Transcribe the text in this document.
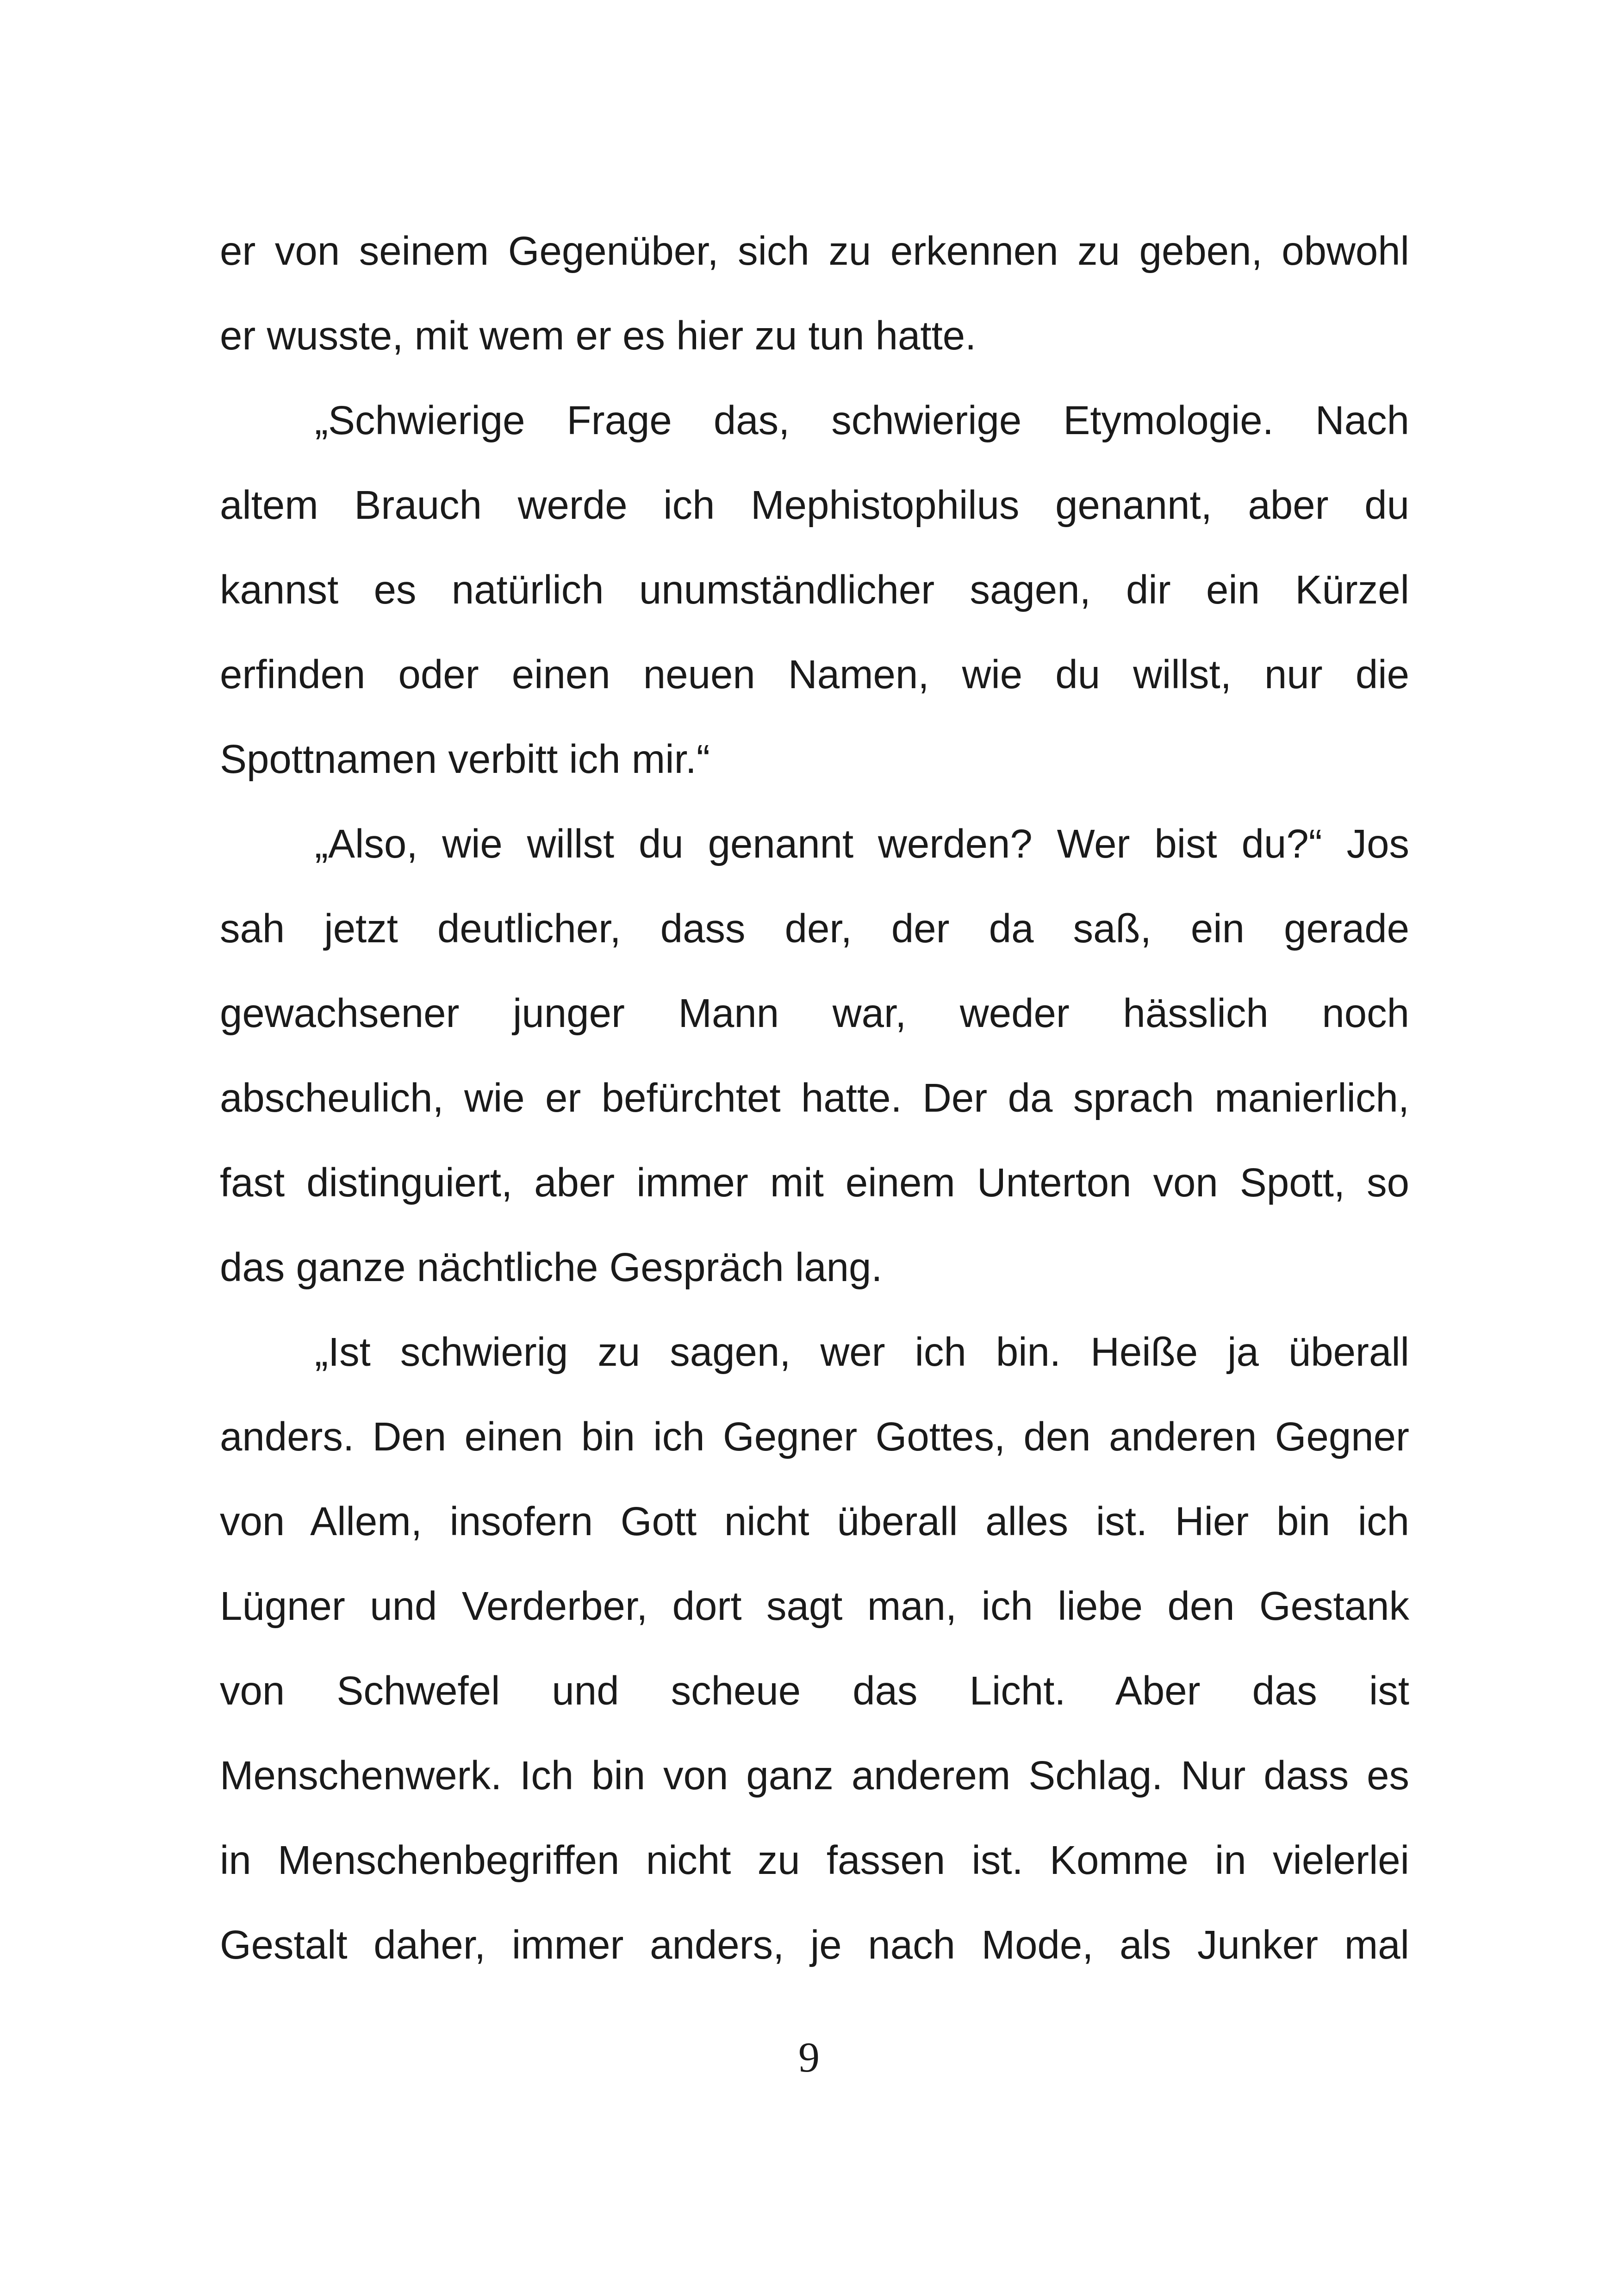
er von seinem Gegenüber, sich zu erkennen zu geben, obwohl
er wusste, mit wem er es hier zu tun hatte.
„Schwierige Frage das, schwierige Etymologie. Nach
altem Brauch werde ich Mephistophilus genannt, aber du
kannst es natürlich unumständlicher sagen, dir ein Kürzel
erfinden oder einen neuen Namen, wie du willst, nur die
Spottnamen verbitt ich mir.“
„Also, wie willst du genannt werden? Wer bist du?“ Jos
sah jetzt deutlicher, dass der, der da saß, ein gerade
gewachsener junger Mann war, weder hässlich noch
abscheulich, wie er befürchtet hatte. Der da sprach manierlich,
fast distinguiert, aber immer mit einem Unterton von Spott, so
das ganze nächtliche Gespräch lang.
„Ist schwierig zu sagen, wer ich bin. Heiße ja überall
anders. Den einen bin ich Gegner Gottes, den anderen Gegner
von Allem, insofern Gott nicht überall alles ist. Hier bin ich
Lügner und Verderber, dort sagt man, ich liebe den Gestank
von Schwefel und scheue das Licht. Aber das ist
Menschenwerk. Ich bin von ganz anderem Schlag. Nur dass es
in Menschenbegriffen nicht zu fassen ist. Komme in vielerlei
Gestalt daher, immer anders, je nach Mode, als Junker mal
9
